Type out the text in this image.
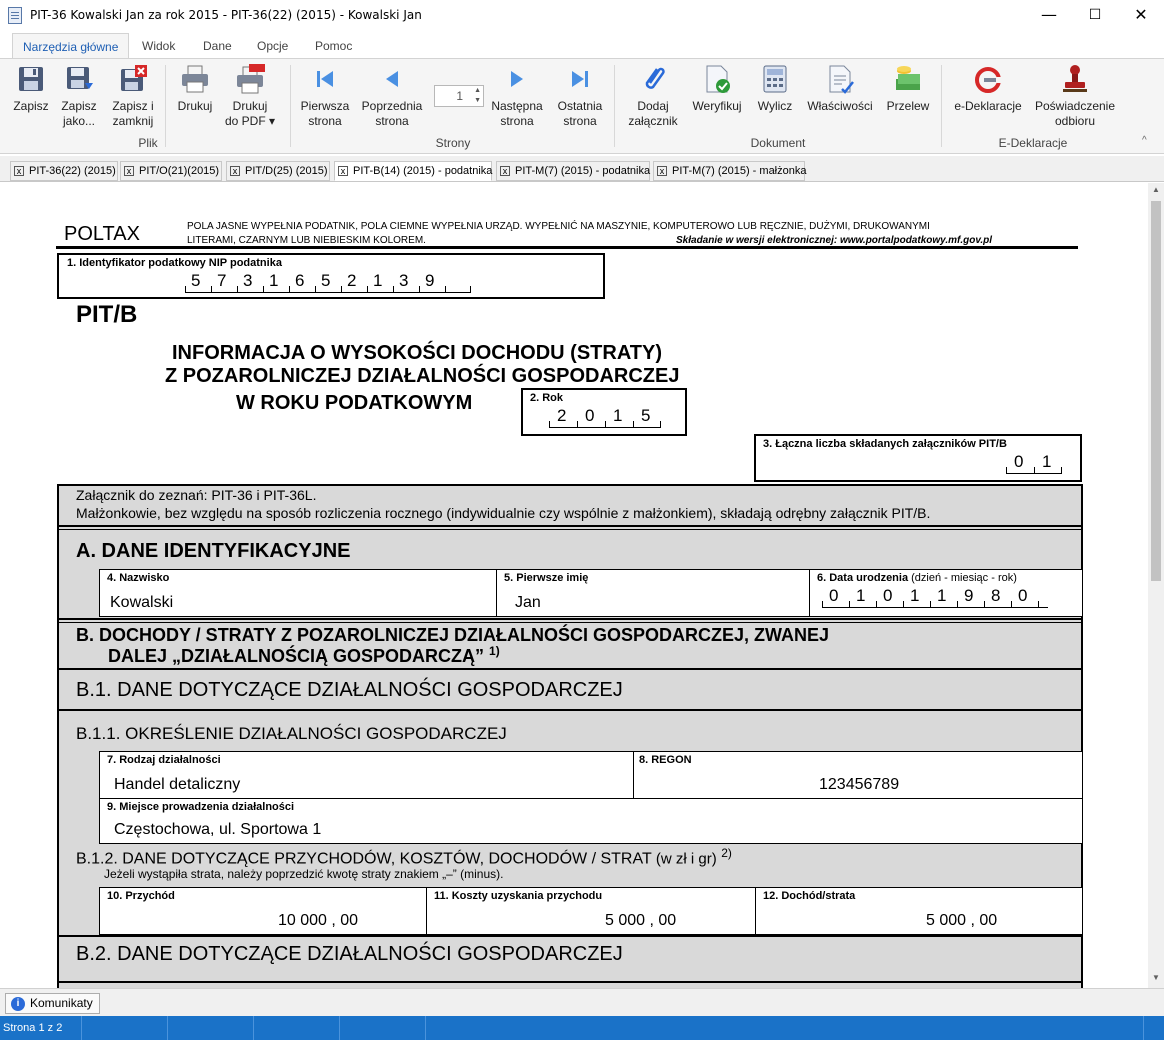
PIT-36 Kowalski Jan za rok 2015 - PIT-36(22) (2015) - Kowalski Jan	—	☐	✕
Narzędzia główne	Widok	Dane	Opcje	Pomoc
Zapisz	Zapisz
jako...
Zapisz i
zamknij
Drukuj	Drukuj
do PDF ▾
Plik
Pierwsza
strona
Poprzednia
strona
1 ▲
▼ Następna
strona
Ostatnia
strona
Strony
Dodaj
załącznik
Weryfikuj	Wylicz	Właściwości Przelew
Dokument
e-Deklaracje	Poświadczenie
odbioru
E-Deklaracje	^
x PIT-36(22) (2015)	x PIT/O(21)(2015)	x PIT/D(25) (2015)	x PIT-B(14) (2015) - podatnika	x PIT-M(7) (2015) - podatnika	x PIT-M(7) (2015) - małżonka
POLTAX	POLA JASNE WYPEŁNIA PODATNIK, POLA CIEMNE WYPEŁNIA URZĄD. WYPEŁNIĆ NA MASZYNIE, KOMPUTEROWO LUB RĘCZNIE, DUŻYMI, DRUKOWANYMI
LITERAMI, CZARNYM LUB NIEBIESKIM KOLOREM.	Składanie w wersji elektronicznej: www.portalpodatkowy.mf.gov.pl
1. Identyfikator podatkowy NIP podatnika
5 7 3 1 6 5 2 1 3 9
PIT/B
INFORMACJA O WYSOKOŚCI DOCHODU (STRATY)
Z POZAROLNICZEJ DZIAŁALNOŚCI GOSPODARCZEJ
W ROKU PODATKOWYM	2. Rok
2 0 1 5
3. Łączna liczba składanych załączników PIT/B
0 1
Załącznik do zeznań: PIT-36 i PIT-36L.
Małżonkowie, bez względu na sposób rozliczenia rocznego (indywidualnie czy wspólnie z małżonkiem), składają odrębny załącznik PIT/B.
A. DANE IDENTYFIKACYJNE
4. Nazwisko
Kowalski
5. Pierwsze imię
Jan
6. Data urodzenia (dzień - miesiąc - rok)
0 1 0 1 1 9 8 0
B. DOCHODY / STRATY Z POZAROLNICZEJ DZIAŁALNOŚCI GOSPODARCZEJ, ZWANEJ
DALEJ „DZIAŁALNOŚCIĄ GOSPODARCZĄ” $^{1)}$
B.1. DANE DOTYCZĄCE DZIAŁALNOŚCI GOSPODARCZEJ
B.1.1. OKREŚLENIE DZIAŁALNOŚCI GOSPODARCZEJ
7. Rodzaj działalności
Handel detaliczny
8. REGON
123456789
9. Miejsce prowadzenia działalności
Częstochowa, ul. Sportowa 1
B.1.2. DANE DOTYCZĄCE PRZYCHODÓW, KOSZTÓW, DOCHODÓW / STRAT (w zł i gr) $^{2)}$
Jeżeli wystąpiła strata, należy poprzedzić kwotę straty znakiem „–” (minus).
10. Przychód
10 000 , 00
11. Koszty uzyskania przychodu
5 000 , 00
12. Dochód/strata
5 000 , 00
B.2. DANE DOTYCZĄCE DZIAŁALNOŚCI GOSPODARCZEJ
▲
▼
i Komunikaty
Strona 1 z 2
